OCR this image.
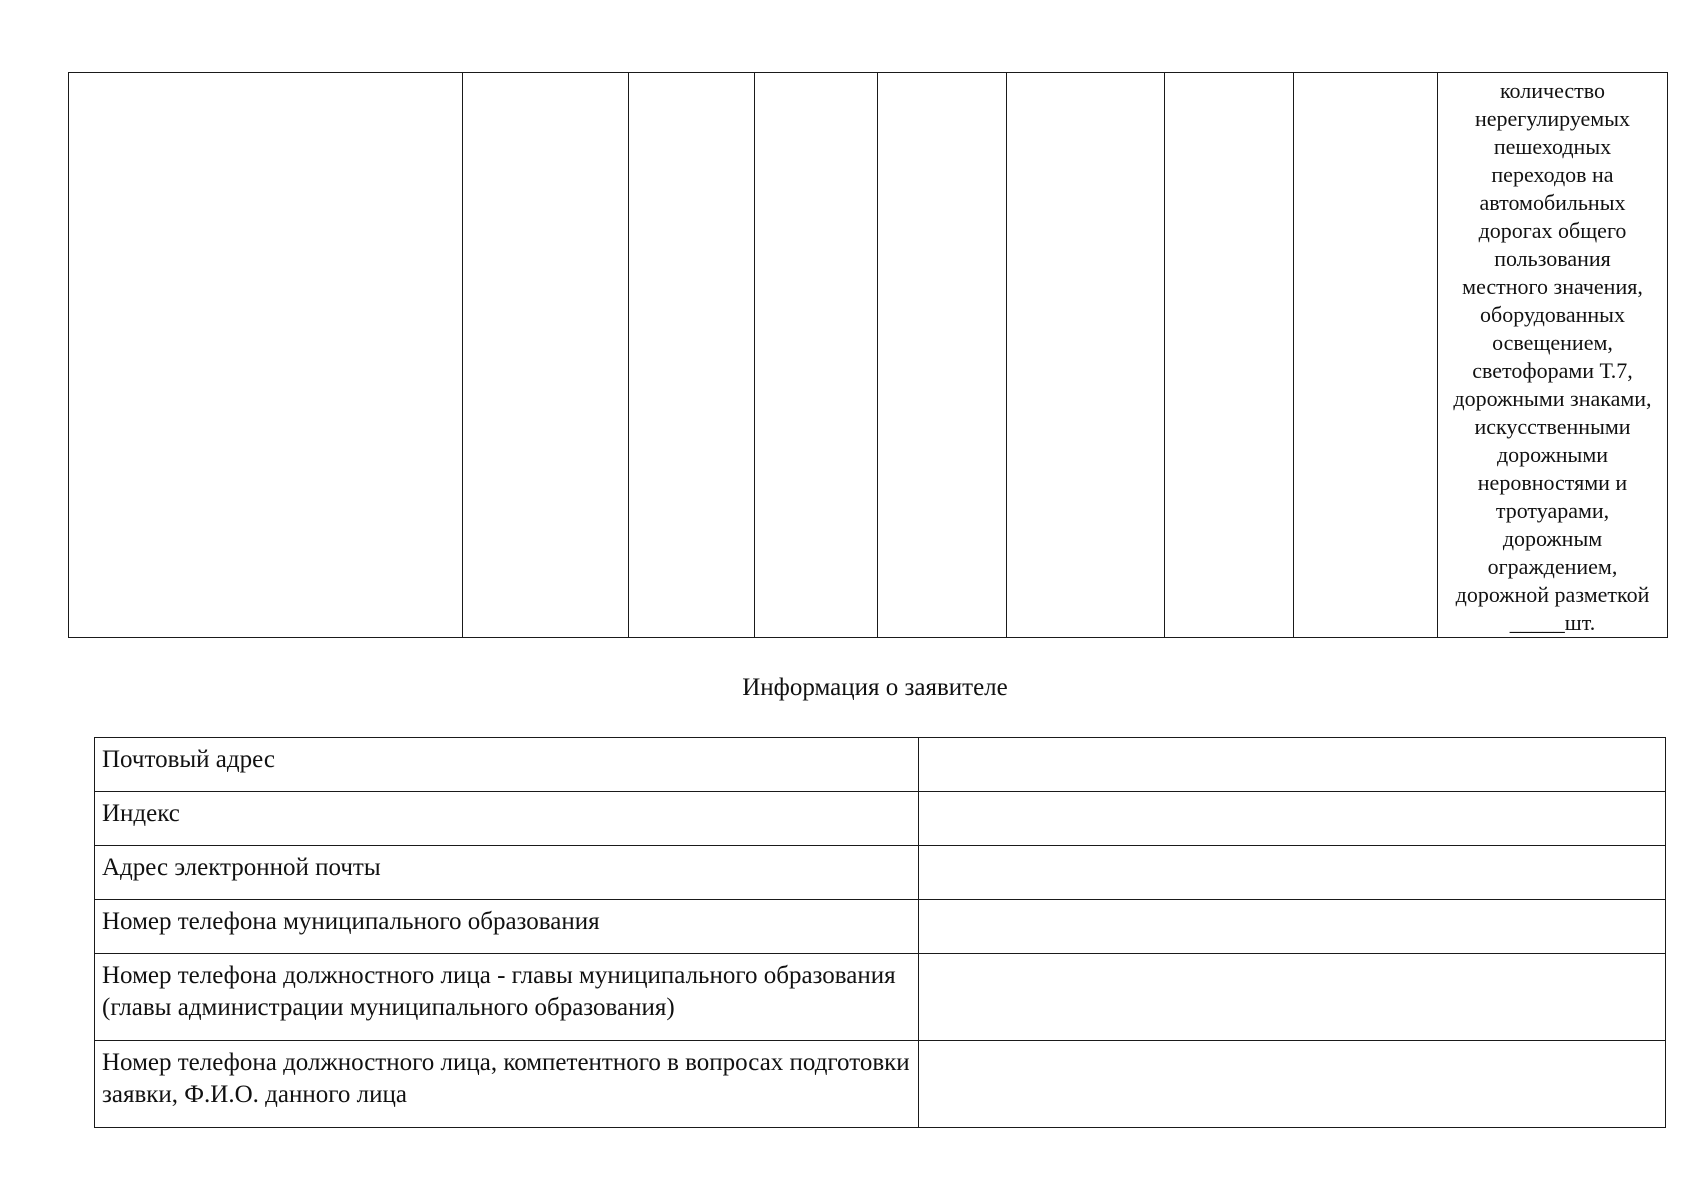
								количество
нерегулируемых
пешеходных
переходов на
автомобильных
дорогах общего
пользования
местного значения,
оборудованных
освещением,
светофорами Т.7,
дорожными знаками,
искусственными
дорожными
неровностями и
тротуарами,
дорожным
ограждением,
дорожной разметкой
_____шт.
Информация о заявителе
Почтовый адрес	
Индекс	
Адрес электронной почты	
Номер телефона муниципального образования	
Номер телефона должностного лица - главы муниципального образования (главы администрации муниципального образования)	
Номер телефона должностного лица, компетентного в вопросах подготовки заявки, Ф.И.О. данного лица	
